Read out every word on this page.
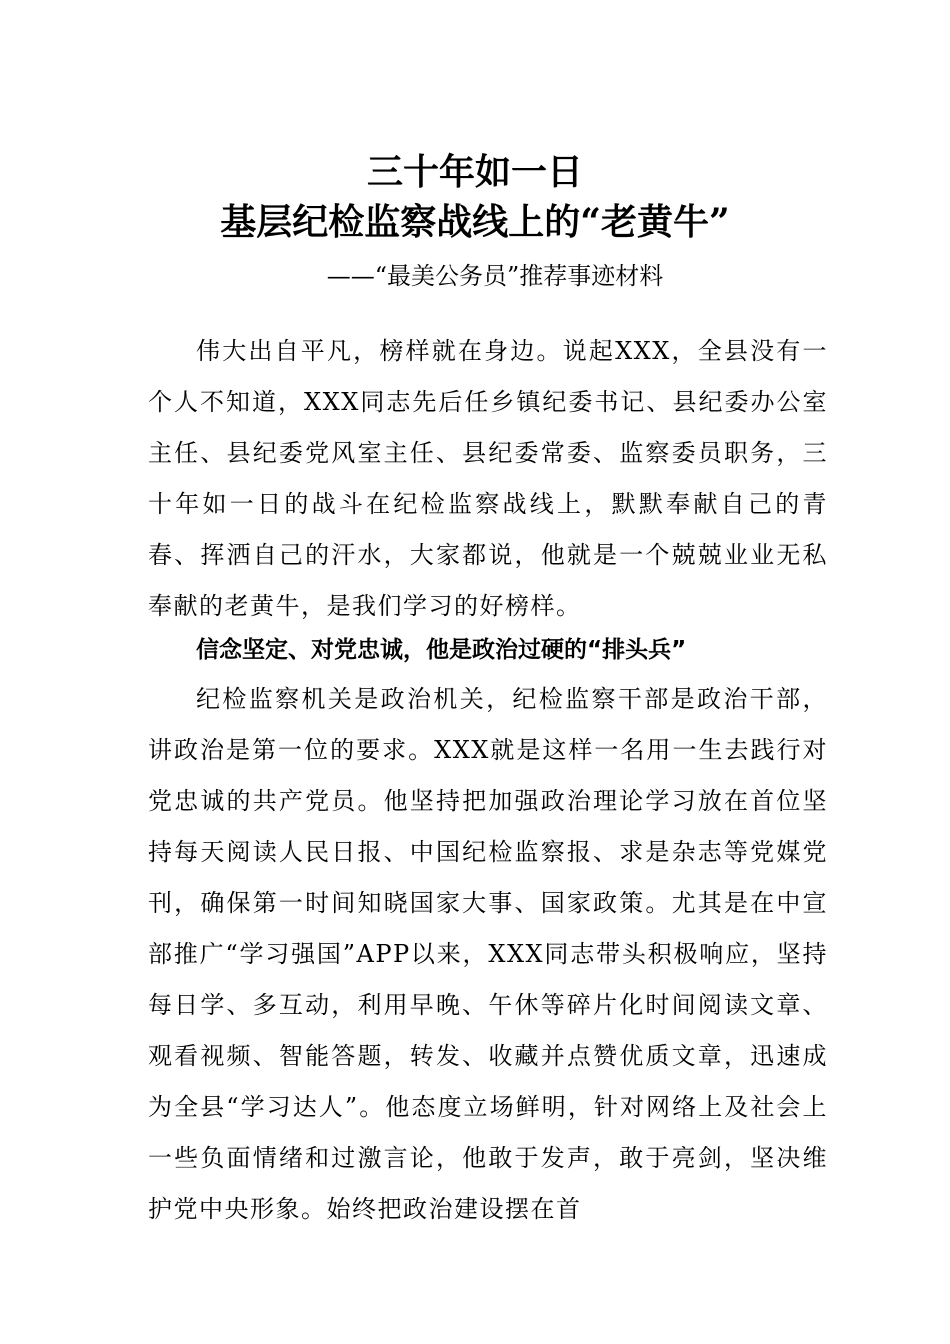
三十年如一日
基层纪检监察战线上的“老黄牛”

——“最美公务员”推荐事迹材料

伟大出自平凡，榜样就在身边。说起XXX，全县没有一个人不知道，XXX同志先后任乡镇纪委书记、县纪委办公室主任、县纪委党风室主任、县纪委常委、监察委员职务，三十年如一日的战斗在纪检监察战线上，默默奉献自己的青春、挥洒自己的汗水，大家都说，他就是一个兢兢业业无私奉献的老黄牛，是我们学习的好榜样。

信念坚定、对党忠诚，他是政治过硬的“排头兵”

纪检监察机关是政治机关，纪检监察干部是政治干部，讲政治是第一位的要求。XXX就是这样一名用一生去践行对党忠诚的共产党员。他坚持把加强政治理论学习放在首位坚持每天阅读人民日报、中国纪检监察报、求是杂志等党媒党刊，确保第一时间知晓国家大事、国家政策。尤其是在中宣部推广“学习强国”APP以来，XXX同志带头积极响应，坚持每日学、多互动，利用早晚、午休等碎片化时间阅读文章、观看视频、智能答题，转发、收藏并点赞优质文章，迅速成为全县“学习达人”。他态度立场鲜明，针对网络上及社会上一些负面情绪和过激言论，他敢于发声，敢于亮剑，坚决维护党中央形象。始终把政治建设摆在首
